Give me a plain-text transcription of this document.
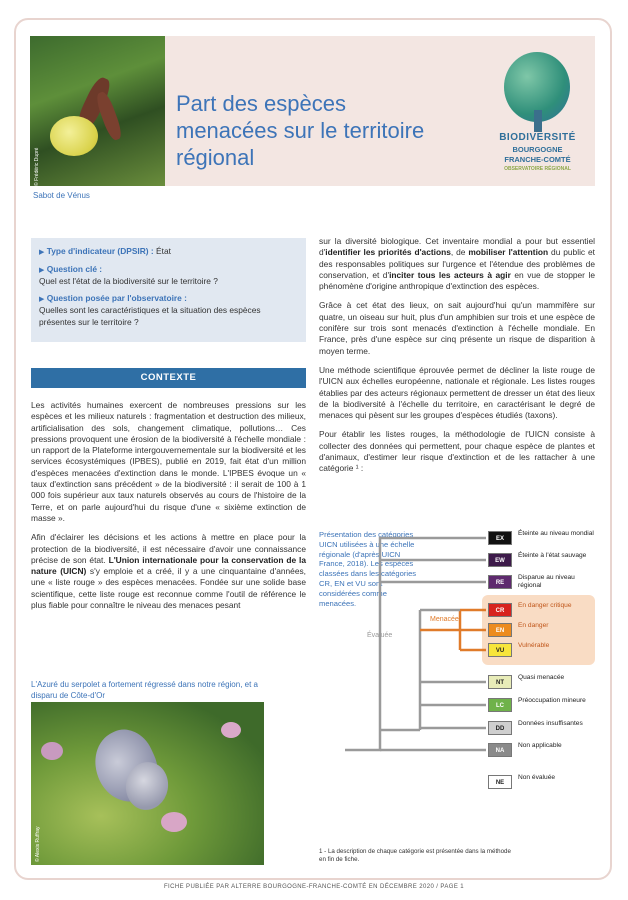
© Frédéric Dupré
Part des espèces menacées sur le territoire régional
BIODIVERSITÉ
BOURGOGNE
FRANCHE-COMTÉ
OBSERVATOIRE RÉGIONAL
Sabot de Vénus

▶ Type d'indicateur (DPSIR) : État

▶ Question clé :
Quel est l'état de la biodiversité sur le territoire ?

▶ Question posée par l'observatoire :
Quelles sont les caractéristiques et la situation des espèces présentes sur le territoire ?

CONTEXTE

Les activités humaines exercent de nombreuses pressions sur les espèces et les milieux naturels : fragmentation et destruction des milieux, artificialisation des sols, changement climatique, pollutions… Ces pressions provoquent une érosion de la biodiversité à l'échelle mondiale : un rapport de la Plateforme intergouvernementale sur la biodiversité et les services écosystémiques (IPBES), publié en 2019, fait état d'un million d'espèces menacées d'extinction dans le monde. L'IPBES évoque un « taux d'extinction sans précédent » de la biodiversité : il serait de 100 à 1 000 fois supérieur aux taux naturels observés au cours de l'histoire de la Terre, et on parle aujourd'hui du risque d'une « sixième extinction de masse ».

Afin d'éclairer les décisions et les actions à mettre en place pour la protection de la biodiversité, il est nécessaire d'avoir une connaissance précise de son état. L'Union internationale pour la conservation de la nature (UICN) s'y emploie et a créé, il y a une cinquantaine d'années, une « liste rouge » des espèces menacées. Fondée sur une solide base scientifique, cette liste rouge est reconnue comme l'outil de référence le plus fiable pour connaître le niveau des menaces pesant

L'Azuré du serpolet a fortement régressé dans notre région, et a disparu de Côte-d'Or
© Alexis Ruffray

sur la diversité biologique. Cet inventaire mondial a pour but essentiel d'identifier les priorités d'actions, de mobiliser l'attention du public et des responsables politiques sur l'urgence et l'étendue des problèmes de conservation, et d'inciter tous les acteurs à agir en vue de stopper le phénomène d'origine anthropique d'extinction des espèces.

Grâce à cet état des lieux, on sait aujourd'hui qu'un mammifère sur quatre, un oiseau sur huit, plus d'un amphibien sur trois et une espèce de conifère sur trois sont menacés d'extinction à l'échelle mondiale. En France, près d'une espèce sur cinq présente un risque de disparition à moyen terme.

Une méthode scientifique éprouvée permet de décliner la liste rouge de l'UICN aux échelles européenne, nationale et régionale. Les listes rouges établies par des acteurs régionaux permettent de dresser un état des lieux de la biodiversité à l'échelle du territoire, en caractérisant le degré de menaces qui pèsent sur les groupes d'espèces étudiés (taxons).

Pour établir les listes rouges, la méthodologie de l'UICN consiste à collecter des données qui permettent, pour chaque espèce de plantes et d'animaux, d'estimer leur risque d'extinction et de les rattacher à une catégorie ¹ :

Présentation des catégories UICN utilisées à une échelle régionale (d'après UICN France, 2018). Les espèces classées dans les catégories CR, EN et VU sont considérées comme menacées.
Évaluée
Menacée
EX
Éteinte au niveau mondial
EW
Éteinte à l'état sauvage
RE
Disparue au niveau régional
CR
En danger critique
EN
En danger
VU
Vulnérable
NT
Quasi menacée
LC
Préoccupation mineure
DD
Données insuffisantes
NA
Non applicable
NE
Non évaluée
1 - La description de chaque catégorie est présentée dans la méthode en fin de fiche.
FICHE PUBLIÉE PAR ALTERRE BOURGOGNE-FRANCHE-COMTÉ EN DÉCEMBRE 2020 / PAGE 1
